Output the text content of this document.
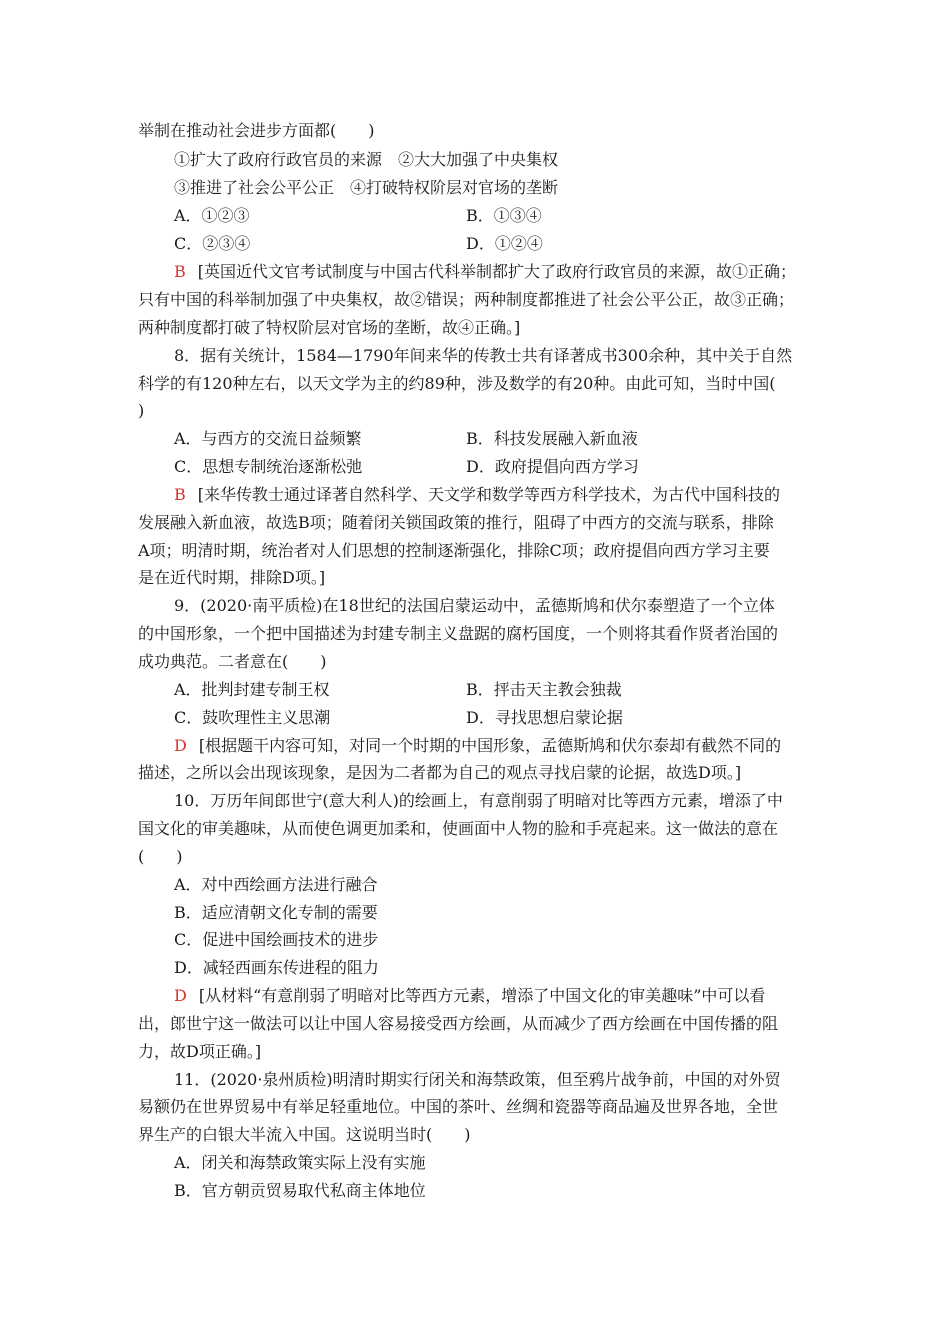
举制在推动社会进步方面都(　　)
①扩大了政府行政官员的来源　②大大加强了中央集权
③推进了社会公平公正　④打破特权阶层对官场的垄断
A．①②③	B．①③④
C．②③④	D．①②④
B [英国近代文官考试制度与中国古代科举制都扩大了政府行政官员的来源，故①正确；
只有中国的科举制加强了中央集权，故②错误；两种制度都推进了社会公平公正，故③正确；
两种制度都打破了特权阶层对官场的垄断，故④正确。]
8．据有关统计，1584—1790年间来华的传教士共有译著成书300余种，其中关于自然
科学的有120种左右，以天文学为主的约89种，涉及数学的有20种。由此可知，当时中国(
)
A．与西方的交流日益频繁	B．科技发展融入新血液
C．思想专制统治逐渐松弛	D．政府提倡向西方学习
B [来华传教士通过译著自然科学、天文学和数学等西方科学技术，为古代中国科技的
发展融入新血液，故选B项；随着闭关锁国政策的推行，阻碍了中西方的交流与联系，排除
A项；明清时期，统治者对人们思想的控制逐渐强化，排除C项；政府提倡向西方学习主要
是在近代时期，排除D项。]
9．(2020·南平质检)在18世纪的法国启蒙运动中，孟德斯鸠和伏尔泰塑造了一个立体
的中国形象，一个把中国描述为封建专制主义盘踞的腐朽国度，一个则将其看作贤者治国的
成功典范。二者意在(　　)
A．批判封建专制王权	B．抨击天主教会独裁
C．鼓吹理性主义思潮	D．寻找思想启蒙论据
D [根据题干内容可知，对同一个时期的中国形象，孟德斯鸠和伏尔泰却有截然不同的
描述，之所以会出现该现象，是因为二者都为自己的观点寻找启蒙的论据，故选D项。]
10．万历年间郎世宁(意大利人)的绘画上，有意削弱了明暗对比等西方元素，增添了中
国文化的审美趣味，从而使色调更加柔和，使画面中人物的脸和手亮起来。这一做法的意在
(　　)
A．对中西绘画方法进行融合
B．适应清朝文化专制的需要
C．促进中国绘画技术的进步
D．减轻西画东传进程的阻力
D [从材料“有意削弱了明暗对比等西方元素，增添了中国文化的审美趣味”中可以看
出，郎世宁这一做法可以让中国人容易接受西方绘画，从而减少了西方绘画在中国传播的阻
力，故D项正确。]
11．(2020·泉州质检)明清时期实行闭关和海禁政策，但至鸦片战争前，中国的对外贸
易额仍在世界贸易中有举足轻重地位。中国的茶叶、丝绸和瓷器等商品遍及世界各地，全世
界生产的白银大半流入中国。这说明当时(　　)
A．闭关和海禁政策实际上没有实施
B．官方朝贡贸易取代私商主体地位
